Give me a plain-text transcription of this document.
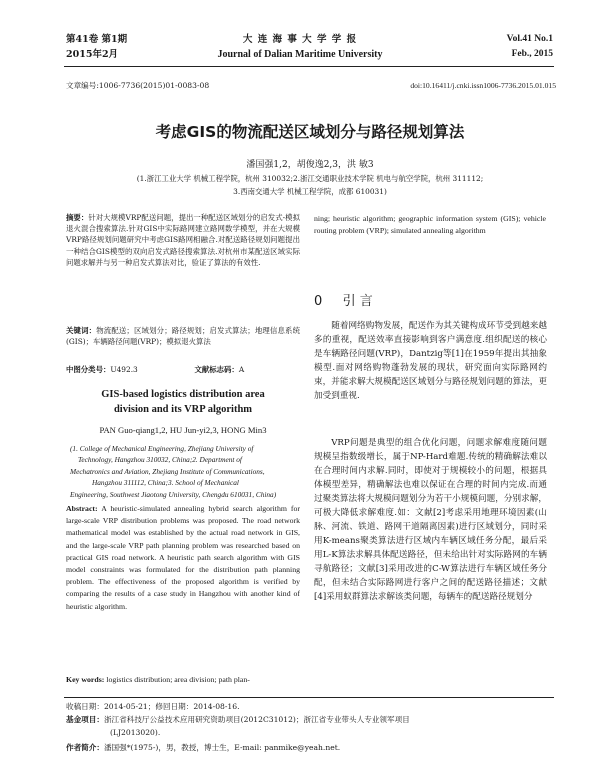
第41卷 第1期
2015年2月
大 连 海 事 大 学 学 报
Journal of Dalian Maritime University
Vol.41 No.1
Feb., 2015
文章编号:1006-7736(2015)01-0083-08	doi:10.16411/j.cnki.issn1006-7736.2015.01.015
考虑GIS的物流配送区域划分与路径规划算法
潘国强1,2，胡俊逸2,3，洪 敏3
(1.浙江工业大学 机械工程学院，杭州 310032;2.浙江交通职业技术学院 机电与航空学院，杭州 311112;
3.西南交通大学 机械工程学院，成都 610031)
摘要：针对大规模VRP配送问题，提出一种配送区域划分的启发式-模拟退火混合搜索算法.针对GIS中实际路网建立路网数学模型，并在大规模VRP路径规划问题研究中考虑GIS路网相融合.对配送路径规划问题提出一种结合GIS模型的双向启发式路径搜索算法.对杭州市某配送区域实际问题求解并与另一种启发式算法对比，验证了算法的有效性.
关键词：物流配送；区域划分；路径规划；启发式算法；地理信息系统(GIS)；车辆路径问题(VRP)；模拟退火算法
中图分类号：U492.3	文献标志码：A
GIS-based logistics distribution area
division and its VRP algorithm
PAN Guo-qiang1,2, HU Jun-yi2,3, HONG Min3
(1. College of Mechanical Engineering, Zhejiang University of
Technology, Hangzhou 310032, China;2. Department of
Mechatronics and Aviation, Zhejiang Institute of Communications,
Hangzhou 311112, China;3. School of Mechanical
Engineering, Southwest Jiaotong University, Chengdu 610031, China)
Abstract: A heuristic-simulated annealing hybrid search algorithm for large-scale VRP distribution problems was proposed. The road network mathematical model was established by the actual road network in GIS, and the large-scale VRP path planning problem was researched based on practical GIS road network. A heuristic path search algorithm with GIS model constraints was formulated for the distribution path planning problem. The effectiveness of the proposed algorithm is verified by comparing the results of a case study in Hangzhou with another kind of heuristic algorithm.
Key words: logistics distribution; area division; path plan-
ning; heuristic algorithm; geographic information system (GIS); vehicle routing problem (VRP); simulated annealing algorithm
0 引 言
随着网络购物发展，配送作为其关键构成环节受到越来越多的重视，配送效率直接影响到客户满意度.组织配送的核心是车辆路径问题(VRP)，Dantzig等[1]在1959年提出其抽象模型.面对网络购物蓬勃发展的现状，研究面向实际路网约束，并能求解大规模配送区域划分与路径规划问题的算法，更加受到重视.
VRP问题是典型的组合优化问题，问题求解难度随问题规模呈指数级增长，属于NP-Hard难题.传统的精确解法难以在合理时间内求解.同时，即使对于规模较小的问题，根据具体模型差异，精确解法也难以保证在合理的时间内完成.而通过聚类算法将大规模问题划分为若干小规模问题，分别求解，可极大降低求解难度.如：文献[2]考虑采用地理环境因素(山脉、河流、铁道、路网干道隔离因素)进行区域划分，同时采用K-means聚类算法进行区域内车辆区域任务分配，最后采用L-K算法求解具体配送路径，但未给出针对实际路网的车辆寻航路径；文献[3]采用改进的C-W算法进行车辆区域任务分配，但未结合实际路网进行客户之间的配送路径描述；文献[4]采用蚁群算法求解该类问题，每辆车的配送路径规划分
收稿日期：2014-05-21；修回日期：2014-08-16.
基金项目：浙江省科技厅公益技术应用研究资助项目(2012C31012)；浙江省专业带头人专业领军项目
(LJ2013020).
作者简介：潘国强*(1975-)，男，教授，博士生，E-mail: panmike@yeah.net.
